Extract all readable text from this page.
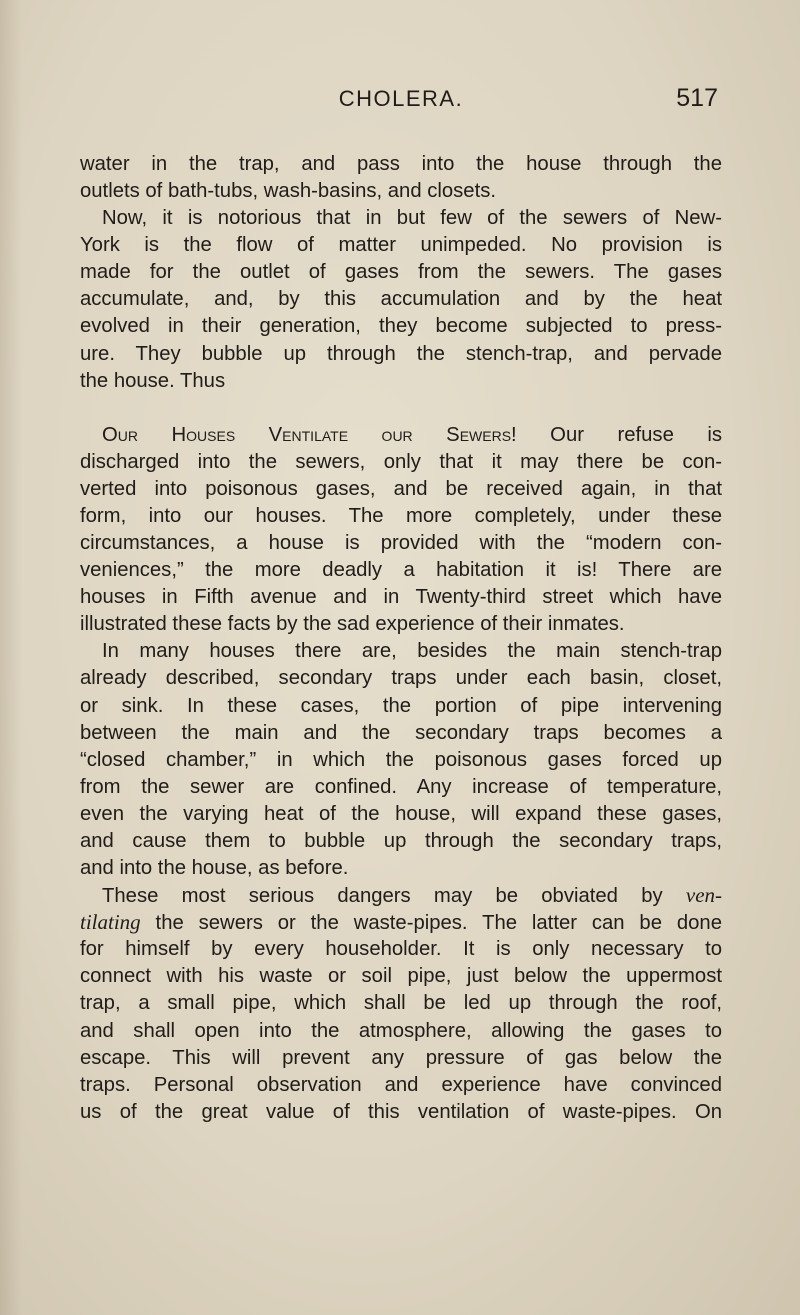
CHOLERA.	517
water in the trap, and pass into the house through the
outlets of bath-tubs, wash-basins, and closets.
Now, it is notorious that in but few of the sewers of New-
York is the flow of matter unimpeded. No provision is
made for the outlet of gases from the sewers. The gases
accumulate, and, by this accumulation and by the heat
evolved in their generation, they become subjected to press-
ure. They bubble up through the stench-trap, and pervade
the house. Thus
Our Houses Ventilate our Sewers! Our refuse is
discharged into the sewers, only that it may there be con-
verted into poisonous gases, and be received again, in that
form, into our houses. The more completely, under these
circumstances, a house is provided with the “modern con-
veniences,” the more deadly a habitation it is! There are
houses in Fifth avenue and in Twenty-third street which have
illustrated these facts by the sad experience of their inmates.
In many houses there are, besides the main stench-trap
already described, secondary traps under each basin, closet,
or sink. In these cases, the portion of pipe intervening
between the main and the secondary traps becomes a
“closed chamber,” in which the poisonous gases forced up
from the sewer are confined. Any increase of temperature,
even the varying heat of the house, will expand these gases,
and cause them to bubble up through the secondary traps,
and into the house, as before.
These most serious dangers may be obviated by ven-
tilating the sewers or the waste-pipes. The latter can be done
for himself by every householder. It is only necessary to
connect with his waste or soil pipe, just below the uppermost
trap, a small pipe, which shall be led up through the roof,
and shall open into the atmosphere, allowing the gases to
escape. This will prevent any pressure of gas below the
traps. Personal observation and experience have convinced
us of the great value of this ventilation of waste-pipes. On
